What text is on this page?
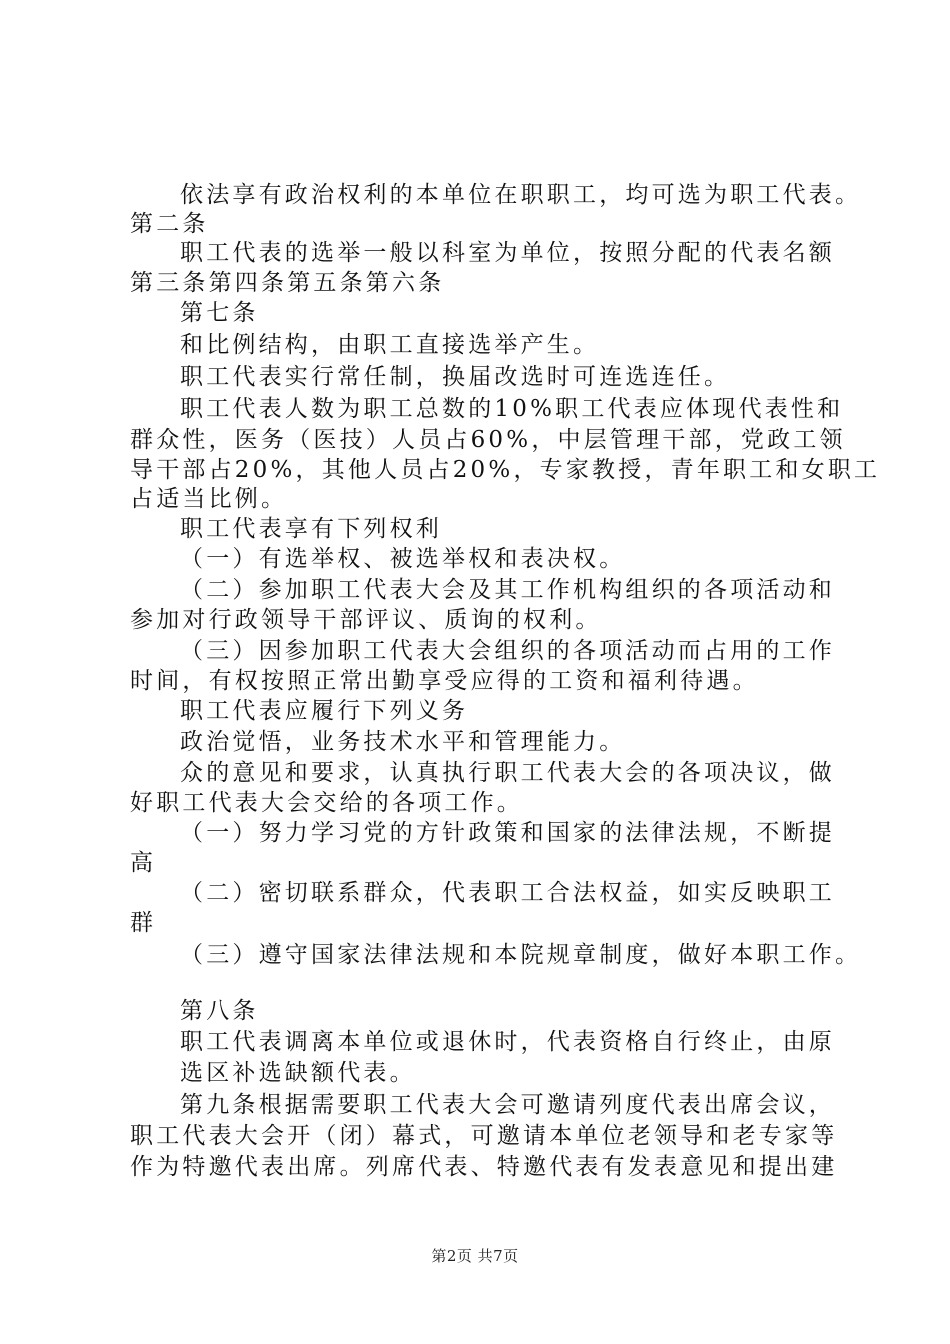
依法享有政治权利的本单位在职职工，均可选为职工代表。
第二条
职工代表的选举一般以科室为单位，按照分配的代表名额
第三条第四条第五条第六条
第七条
和比例结构，由职工直接选举产生。
职工代表实行常任制，换届改选时可连选连任。
职工代表人数为职工总数的10%职工代表应体现代表性和
群众性，医务（医技）人员占60%，中层管理干部，党政工领
导干部占20%，其他人员占20%，专家教授，青年职工和女职工
占适当比例。
职工代表享有下列权利
（一）有选举权、被选举权和表决权。
（二）参加职工代表大会及其工作机构组织的各项活动和
参加对行政领导干部评议、质询的权利。
（三）因参加职工代表大会组织的各项活动而占用的工作
时间，有权按照正常出勤享受应得的工资和福利待遇。
职工代表应履行下列义务
政治觉悟，业务技术水平和管理能力。
众的意见和要求，认真执行职工代表大会的各项决议，做
好职工代表大会交给的各项工作。
（一）努力学习党的方针政策和国家的法律法规，不断提
高
（二）密切联系群众，代表职工合法权益，如实反映职工
群
（三）遵守国家法律法规和本院规章制度，做好本职工作。
第八条
职工代表调离本单位或退休时，代表资格自行终止，由原
选区补选缺额代表。
第九条根据需要职工代表大会可邀请列度代表出席会议，
职工代表大会开（闭）幕式，可邀请本单位老领导和老专家等
作为特邀代表出席。列席代表、特邀代表有发表意见和提出建
第2页 共7页
